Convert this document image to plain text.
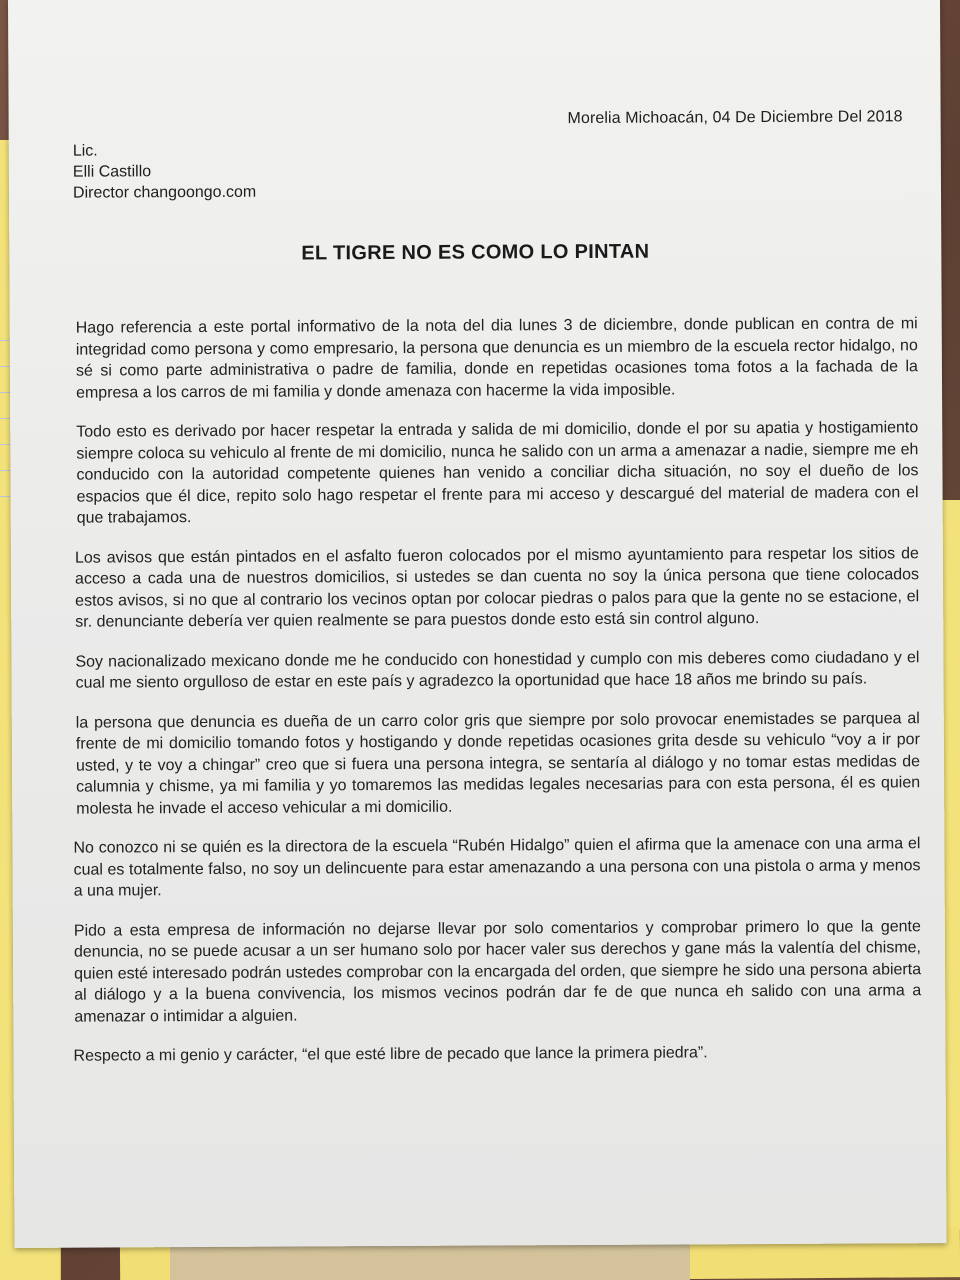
Morelia Michoacán, 04 De Diciembre Del 2018
Lic.
Elli Castillo
Director changoongo.com
EL TIGRE NO ES COMO LO PINTAN

Hago referencia a este portal informativo de la nota del dia lunes 3 de diciembre, donde publican en contra de mi integridad como persona y como empresario, la persona que denuncia es un miembro de la escuela rector hidalgo, no sé si como parte administrativa o padre de familia, donde en repetidas ocasiones toma fotos a la fachada de la empresa a los carros de mi familia y donde amenaza con hacerme la vida imposible.

Todo esto es derivado por hacer respetar la entrada y salida de mi domicilio, donde el por su apatia y hostigamiento siempre coloca su vehiculo al frente de mi domicilio, nunca he salido con un arma a amenazar a nadie, siempre me eh conducido con la autoridad competente quienes han venido a conciliar dicha situación, no soy el dueño de los espacios que él dice, repito solo hago respetar el frente para mi acceso y descargué del material de madera con el que trabajamos.

Los avisos que están pintados en el asfalto fueron colocados por el mismo ayuntamiento para respetar los sitios de acceso a cada una de nuestros domicilios, si ustedes se dan cuenta no soy la única persona que tiene colocados estos avisos, si no que al contrario los vecinos optan por colocar piedras o palos para que la gente no se estacione, el sr. denunciante debería ver quien realmente se para puestos donde esto está sin control alguno.

Soy nacionalizado mexicano donde me he conducido con honestidad y cumplo con mis deberes como ciudadano y el cual me siento orgulloso de estar en este país y agradezco la oportunidad que hace 18 años me brindo su país.

la persona que denuncia es dueña de un carro color gris que siempre por solo provocar enemistades se parquea al frente de mi domicilio tomando fotos y hostigando y donde repetidas ocasiones grita desde su vehiculo “voy a ir por usted, y te voy a chingar” creo que si fuera una persona integra, se sentaría al diálogo y no tomar estas medidas de calumnia y chisme, ya mi familia y yo tomaremos las medidas legales necesarias para con esta persona, él es quien molesta he invade el acceso vehicular a mi domicilio.

No conozco ni se quién es la directora de la escuela “Rubén Hidalgo” quien el afirma que la amenace con una arma el cual es totalmente falso, no soy un delincuente para estar amenazando a una persona con una pistola o arma y menos a una mujer.

Pido a esta empresa de información no dejarse llevar por solo comentarios y comprobar primero lo que la gente denuncia, no se puede acusar a un ser humano solo por hacer valer sus derechos y gane más la valentía del chisme, quien esté interesado podrán ustedes comprobar con la encargada del orden, que siempre he sido una persona abierta al diálogo y a la buena convivencia, los mismos vecinos podrán dar fe de que nunca eh salido con una arma a amenazar o intimidar a alguien.

Respecto a mi genio y carácter, “el que esté libre de pecado que lance la primera piedra”.
